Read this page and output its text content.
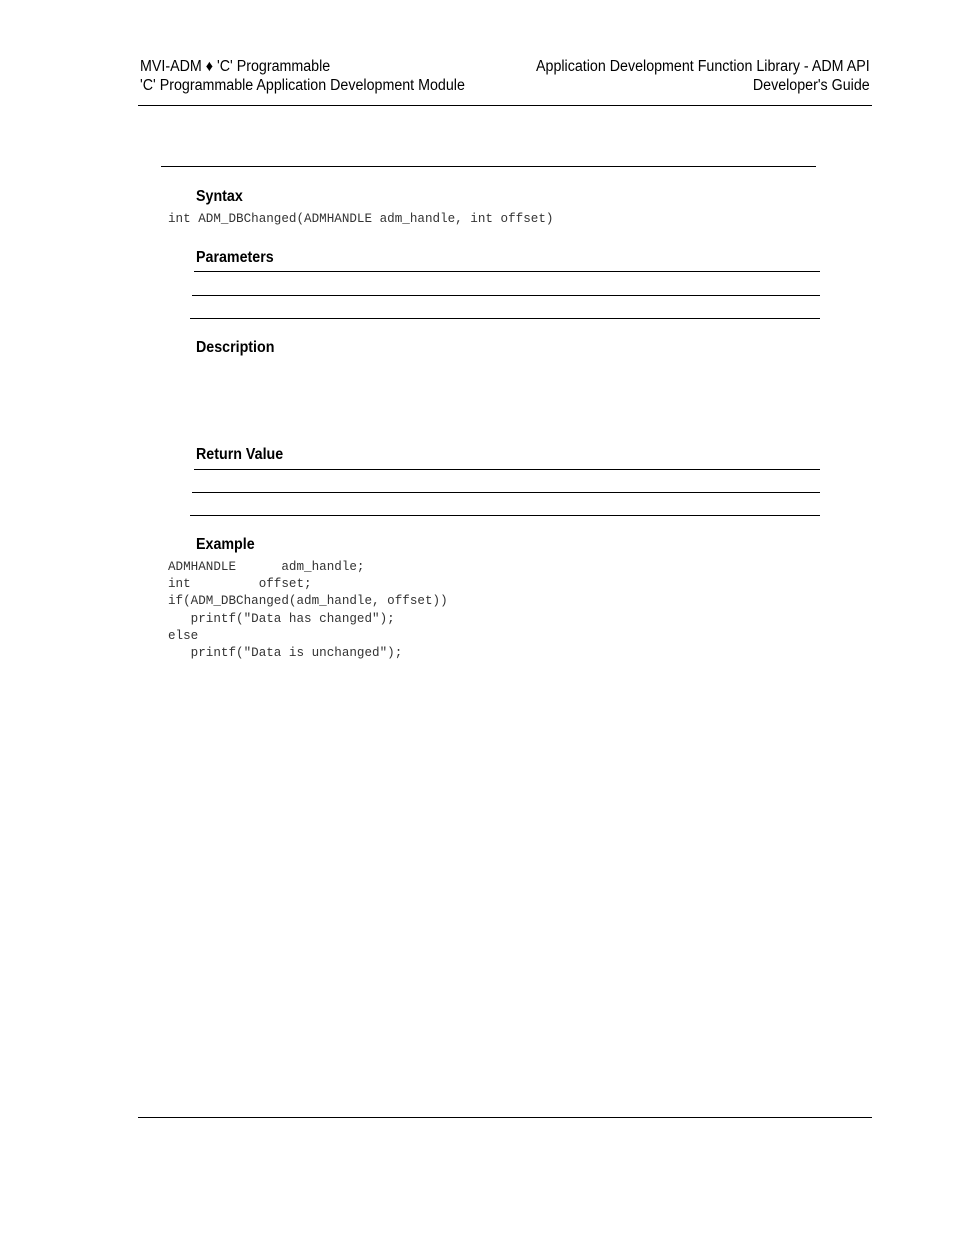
MVI-ADM ♦ 'C' Programmable
'C' Programmable Application Development Module
Application Development Function Library - ADM API
Developer's Guide
Syntax
int ADM_DBChanged(ADMHANDLE adm_handle, int offset)
Parameters
Description
Return Value
Example
ADMHANDLE      adm_handle;
int         offset;
if(ADM_DBChanged(adm_handle, offset))
printf("Data has changed");
else
printf("Data is unchanged");
